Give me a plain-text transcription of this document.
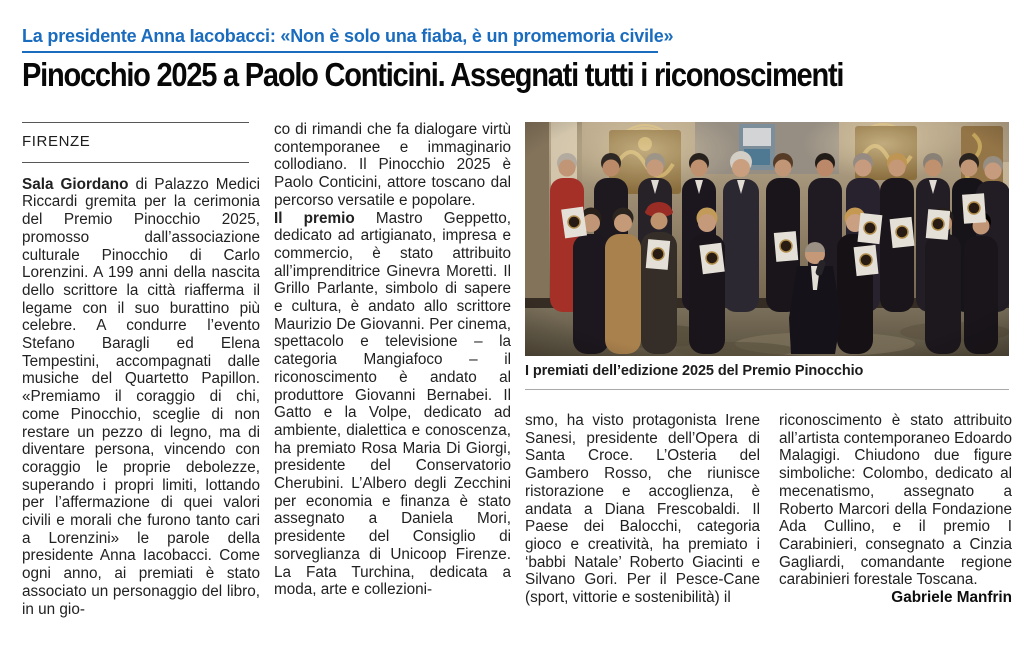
La presidente Anna Iacobacci: «Non è solo una fiaba, è un promemoria civile»
Pinocchio 2025 a Paolo Conticini. Assegnati tutti i riconoscimenti
FIRENZE

Sala Giordano di Palazzo Medici Riccardi gremita per la cerimonia del Premio Pinocchio 2025, promosso dall’associazione culturale Pinocchio di Carlo Lorenzini. A 199 anni della nascita dello scrittore la città riafferma il legame con il suo burattino più celebre. A condurre l’evento Stefano Baragli ed Elena Tempestini, accompagnati dalle musiche del Quartetto Papillon. «Premiamo il coraggio di chi, come Pinocchio, sceglie di non restare un pezzo di legno, ma di diventare persona, vincendo con coraggio le proprie debolezze, superando i propri limiti, lottando per l’affermazione di quei valori civili e morali che furono tanto cari a Lorenzini» le parole della presidente Anna Iacobacci. Come ogni anno, ai premiati è stato associato un personaggio del libro, in un gio-

co di rimandi che fa dialogare virtù contemporanee e immaginario collodiano. Il Pinocchio 2025 è Paolo Conticini, attore toscano dal percorso versatile e popolare.

Il premio Mastro Geppetto, dedicato ad artigianato, impresa e commercio, è stato attribuito all’imprenditrice Ginevra Moretti. Il Grillo Parlante, simbolo di sapere e cultura, è andato allo scrittore Maurizio De Giovanni. Per cinema, spettacolo e televisione – la categoria Mangiafoco – il riconoscimento è andato al produttore Giovanni Bernabei. Il Gatto e la Volpe, dedicato ad ambiente, dialettica e conoscenza, ha premiato Rosa Maria Di Giorgi, presidente del Conservatorio Cherubini. L’Albero degli Zecchini per economia e finanza è stato assegnato a Daniela Mori, presidente del Consiglio di sorveglianza di Unicoop Firenze. La Fata Turchina, dedicata a moda, arte e collezioni-

I premiati dell’edizione 2025 del Premio Pinocchio

smo, ha visto protagonista Irene Sanesi, presidente dell’Opera di Santa Croce. L’Osteria del Gambero Rosso, che riunisce ristorazione e accoglienza, è andata a Diana Frescobaldi. Il Paese dei Balocchi, categoria gioco e creatività, ha premiato i ‘babbi Natale’ Roberto Giacinti e Silvano Gori. Per il Pesce-Cane (sport, vittorie e sostenibilità) il

riconoscimento è stato attribuito all’artista contemporaneo Edoardo Malagigi. Chiudono due figure simboliche: Colombo, dedicato al mecenatismo, assegnato a Roberto Marcori della Fondazione Ada Cullino, e il premio I Carabinieri, consegnato a Cinzia Gagliardi, comandante regione carabinieri forestale Toscana.

Gabriele Manfrin
